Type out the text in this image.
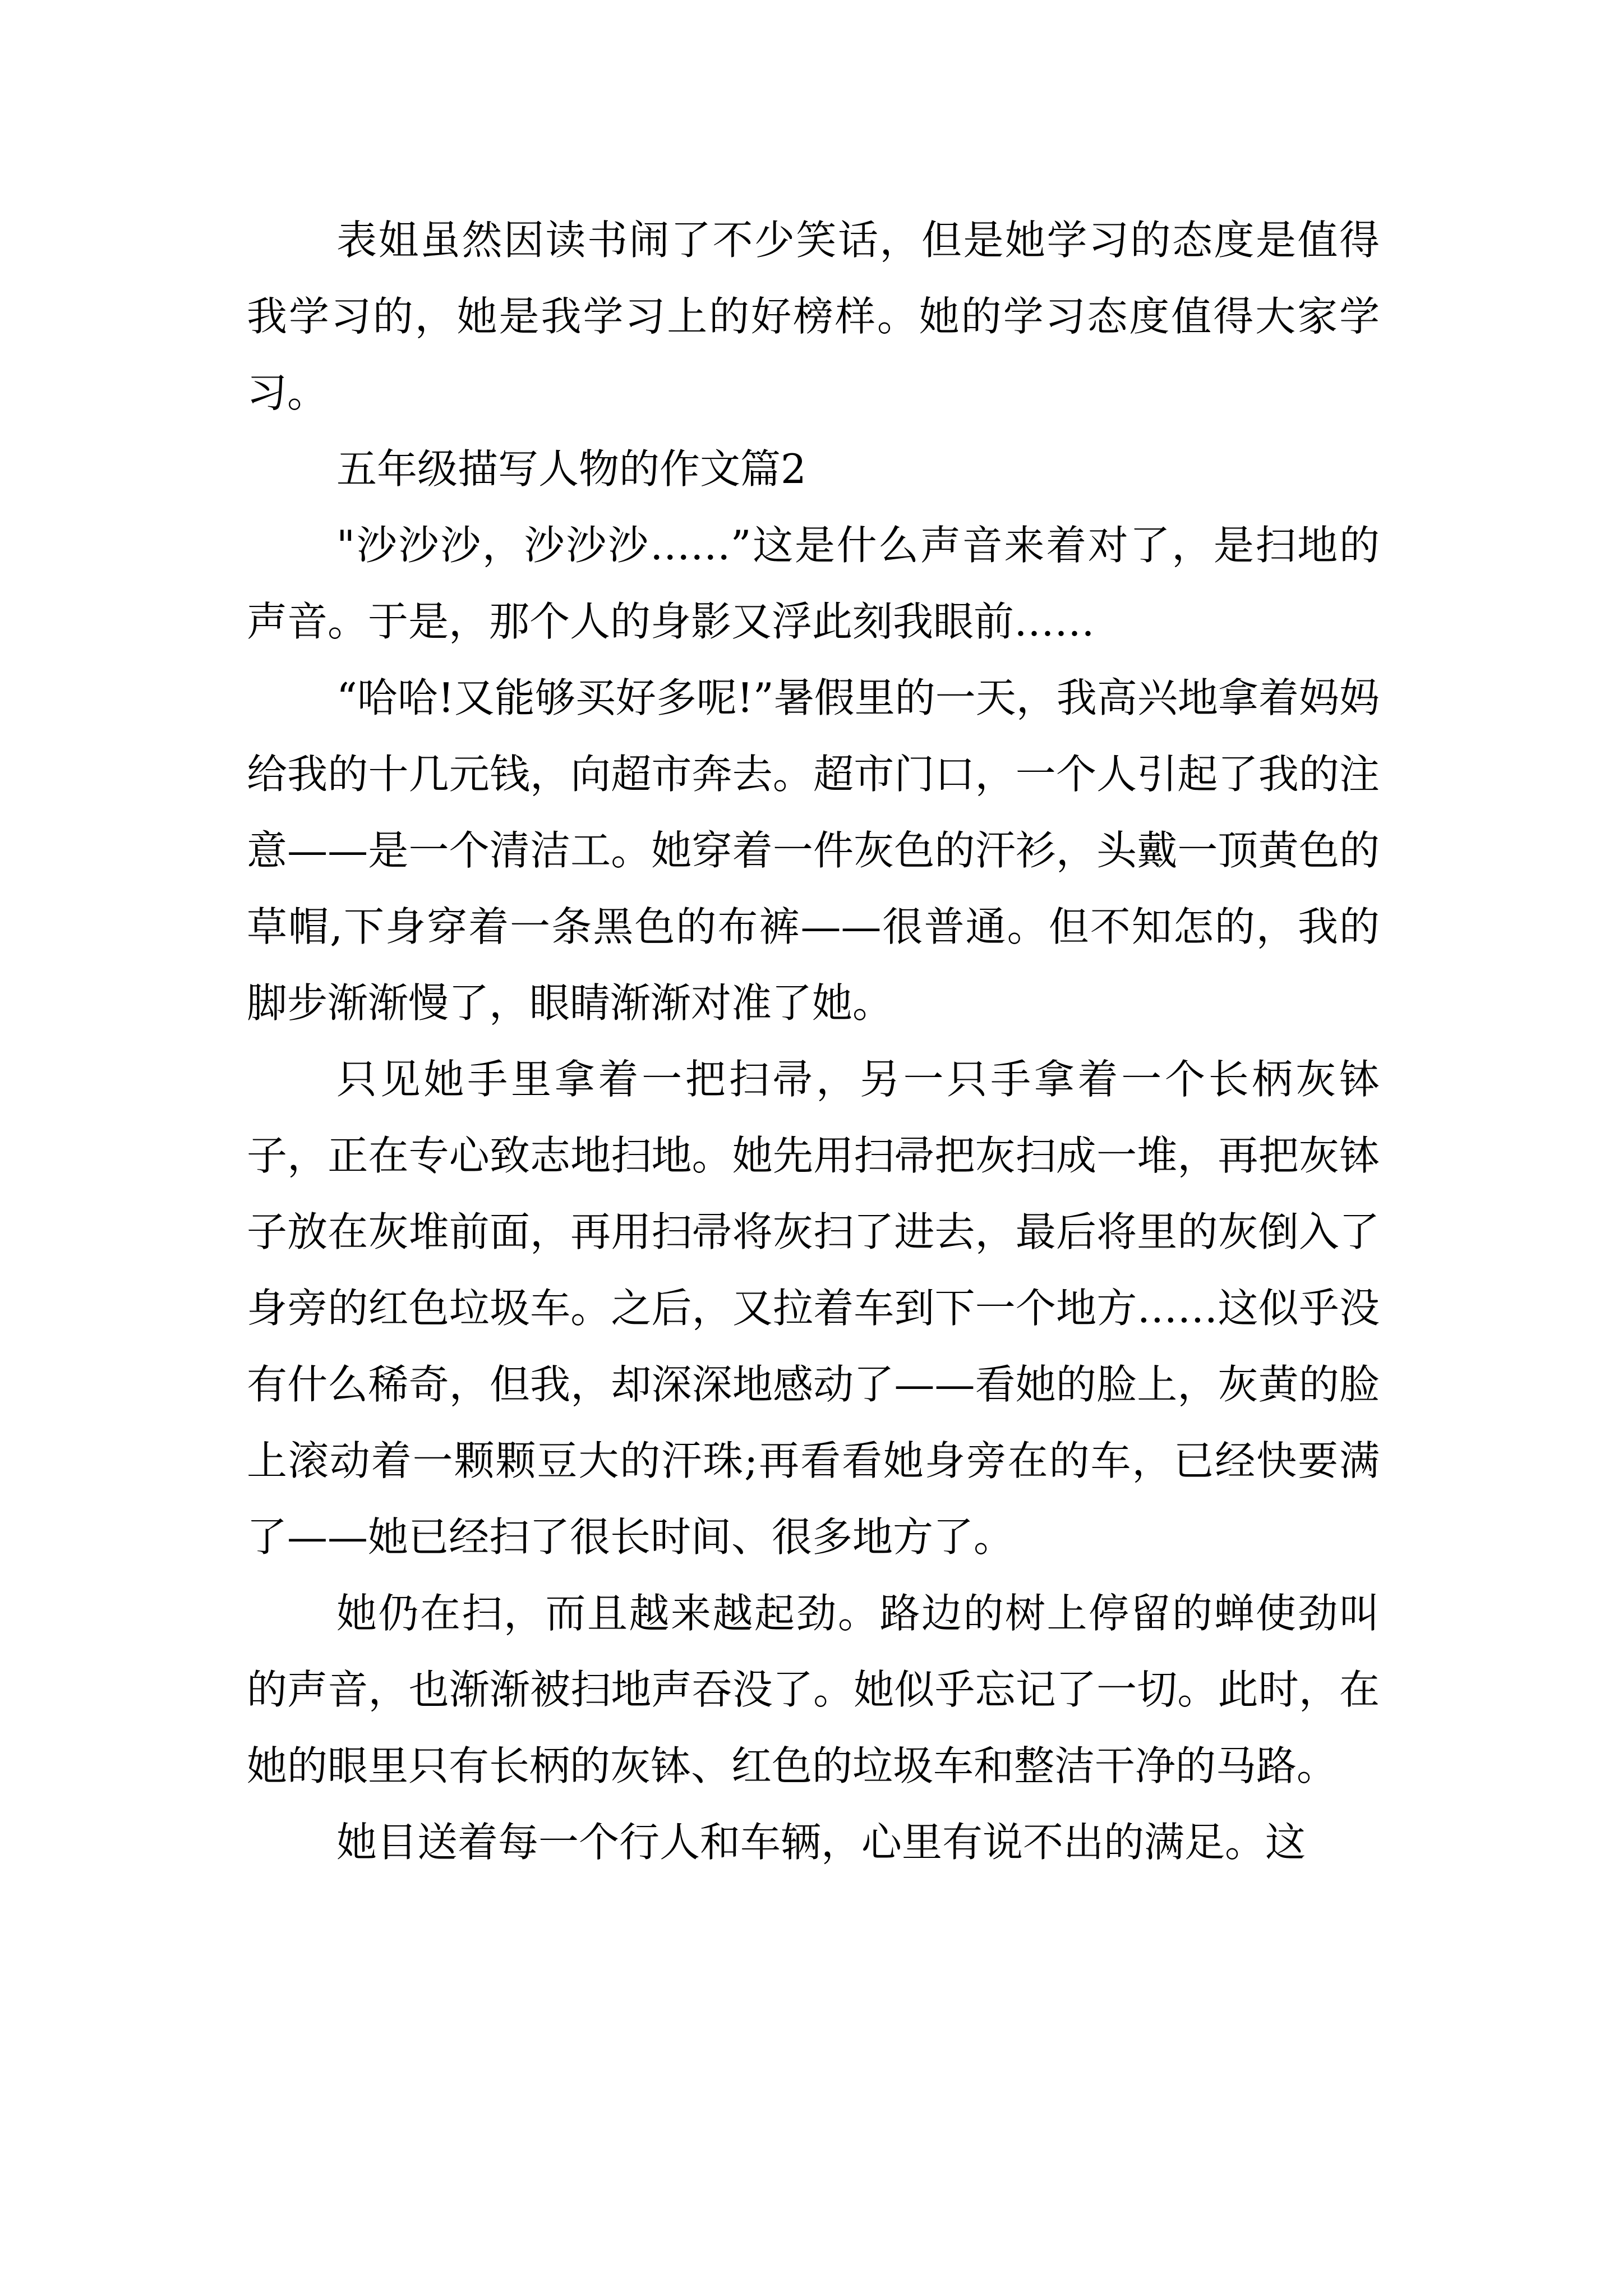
表姐虽然因读书闹了不少笑话，但是她学习的态度是值得我学习的，她是我学习上的好榜样。她的学习态度值得大家学习。

五年级描写人物的作文篇2

"沙沙沙，沙沙沙……”这是什么声音来着对了，是扫地的声音。于是，那个人的身影又浮此刻我眼前……

“哈哈!又能够买好多呢!”暑假里的一天，我高兴地拿着妈妈给我的十几元钱，向超市奔去。超市门口，一个人引起了我的注意——是一个清洁工。她穿着一件灰色的汗衫，头戴一顶黄色的草帽,下身穿着一条黑色的布裤——很普通。但不知怎的，我的脚步渐渐慢了，眼睛渐渐对准了她。

只见她手里拿着一把扫帚，另一只手拿着一个长柄灰钵子，正在专心致志地扫地。她先用扫帚把灰扫成一堆，再把灰钵子放在灰堆前面，再用扫帚将灰扫了进去，最后将里的灰倒入了身旁的红色垃圾车。之后，又拉着车到下一个地方……这似乎没有什么稀奇，但我，却深深地感动了——看她的脸上，灰黄的脸上滚动着一颗颗豆大的汗珠;再看看她身旁在的车，已经快要满了——她已经扫了很长时间、很多地方了。

她仍在扫，而且越来越起劲。路边的树上停留的蝉使劲叫的声音，也渐渐被扫地声吞没了。她似乎忘记了一切。此时，在她的眼里只有长柄的灰钵、红色的垃圾车和整洁干净的马路。

她目送着每一个行人和车辆，心里有说不出的满足。这
